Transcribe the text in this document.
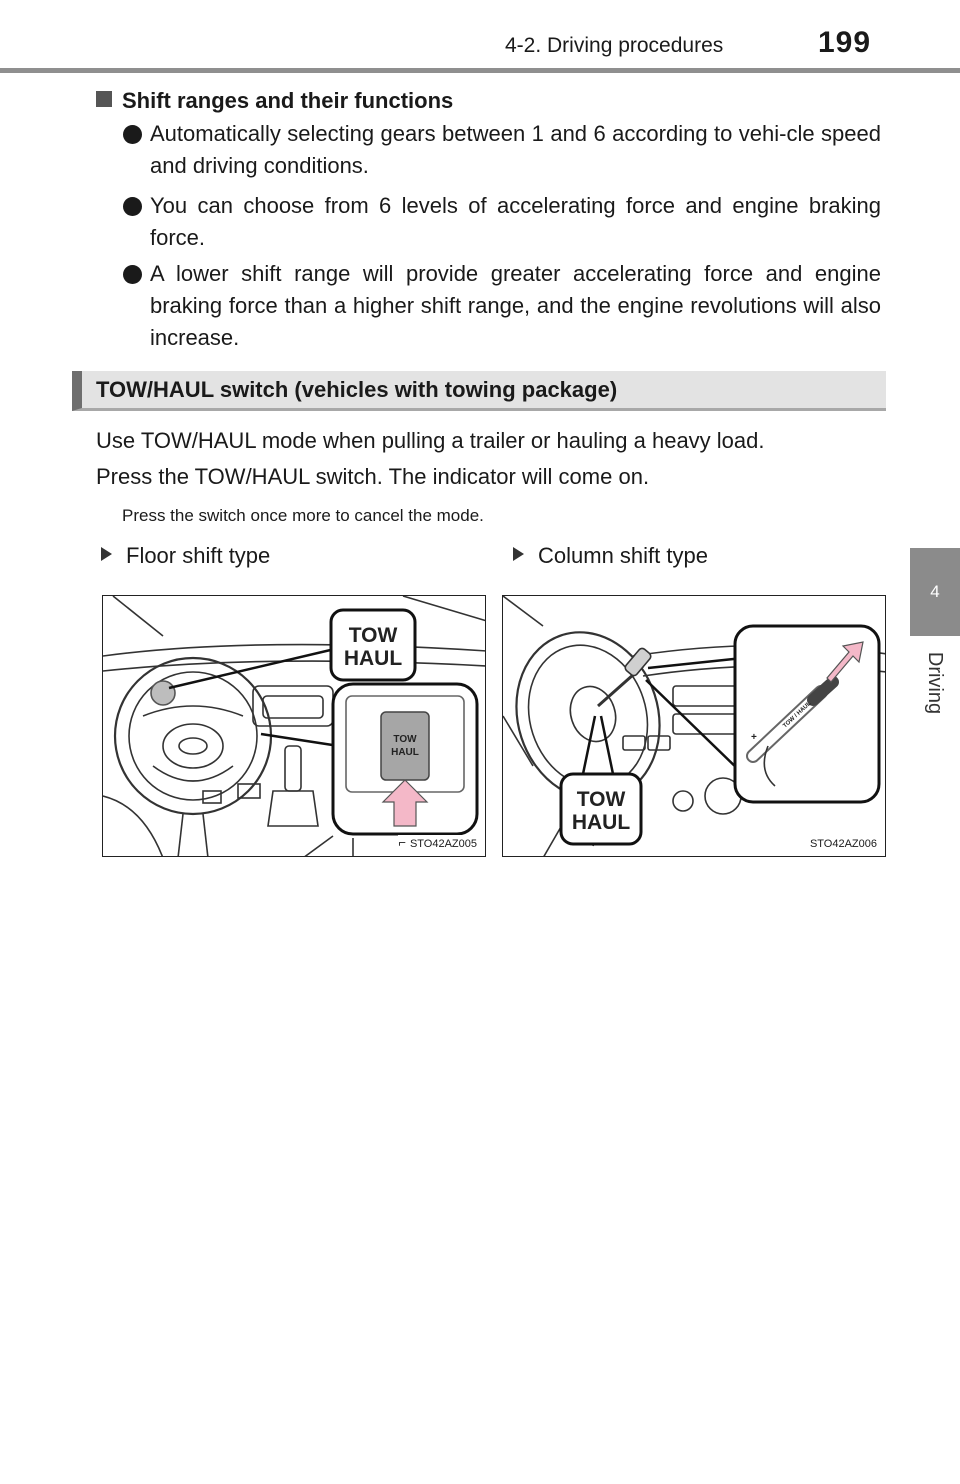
4-2. Driving procedures	199
4
Driving
Shift ranges and their functions
Automatically selecting gears between 1 and 6 according to vehi-cle speed and driving conditions.
You can choose from 6 levels of accelerating force and engine braking force.
A lower shift range will provide greater accelerating force and engine braking force than a higher shift range, and the engine revolutions will also increase.
TOW/HAUL switch (vehicles with towing package)
Use TOW/HAUL mode when pulling a trailer or hauling a heavy load.
Press the TOW/HAUL switch. The indicator will come on.
Press the switch once more to cancel the mode.
Floor shift type	Column shift type
TOW
HAUL
TOW
HAUL
⌐ STO42AZ005
TOW
HAUL
TOW / HAUL
+
STO42AZ006
